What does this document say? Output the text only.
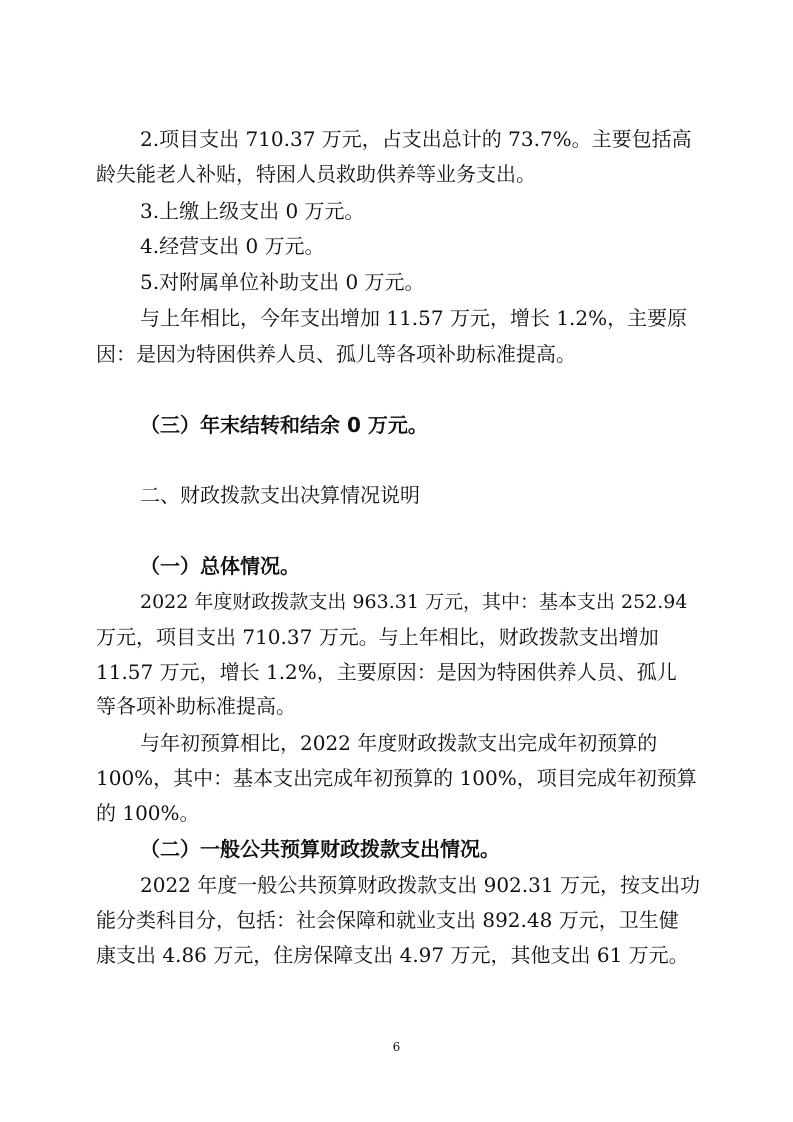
2.项目支出 710.37 万元，占支出总计的 73.7%。主要包括高
龄失能老人补贴，特困人员救助供养等业务支出。
3.上缴上级支出 0 万元。
4.经营支出 0 万元。
5.对附属单位补助支出 0 万元。
与上年相比，今年支出增加 11.57 万元，增长 1.2%，主要原
因：是因为特困供养人员、孤儿等各项补助标准提高。
（三）年末结转和结余 0 万元。
二、财政拨款支出决算情况说明
（一）总体情况。
2022 年度财政拨款支出 963.31 万元，其中：基本支出 252.94
万元，项目支出 710.37 万元。与上年相比，财政拨款支出增加
11.57 万元，增长 1.2%，主要原因：是因为特困供养人员、孤儿
等各项补助标准提高。
与年初预算相比，2022 年度财政拨款支出完成年初预算的
100%，其中：基本支出完成年初预算的 100%，项目完成年初预算
的 100%。
（二）一般公共预算财政拨款支出情况。
2022 年度一般公共预算财政拨款支出 902.31 万元，按支出功
能分类科目分，包括：社会保障和就业支出 892.48 万元，卫生健
康支出 4.86 万元，住房保障支出 4.97 万元，其他支出 61 万元。
6
